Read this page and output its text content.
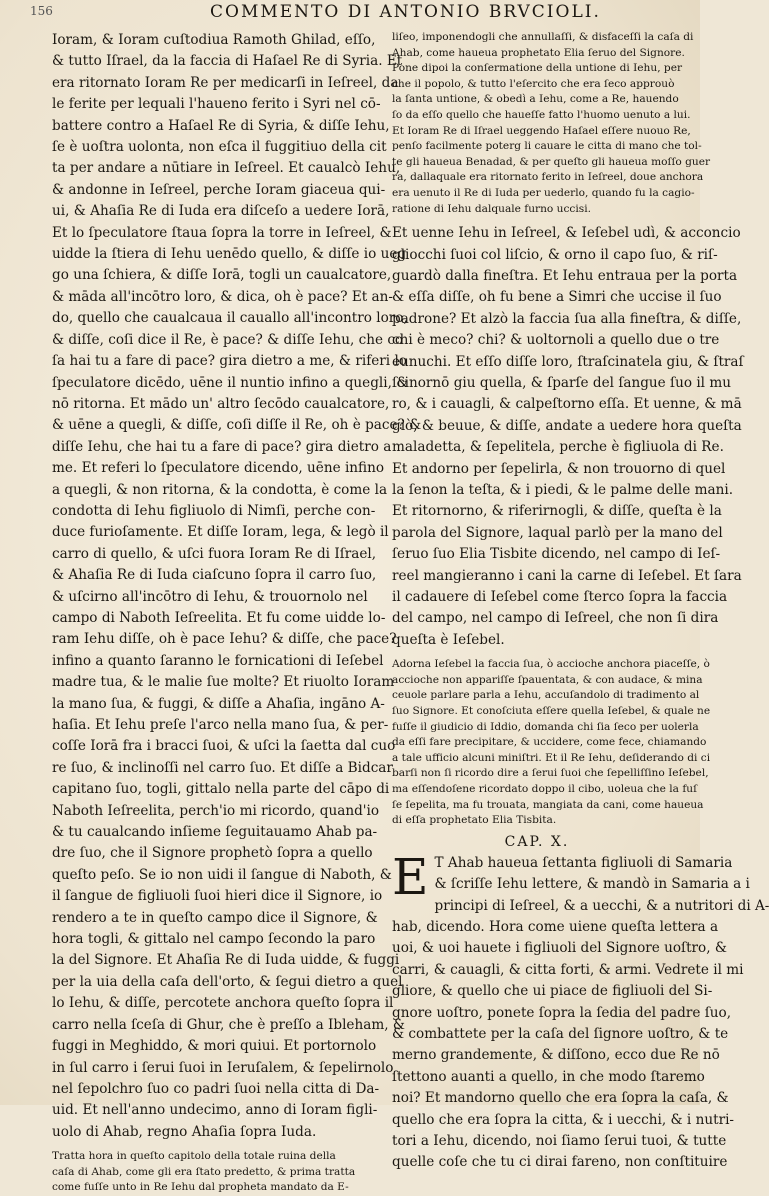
156	COMMENTO DI ANTONIO BRVCIOLI.
Ioram, & Ioram cuſtodiua Ramoth Ghilad, eſſo,
& tutto Iſrael, da la faccia di Haſael Re di Syria. Et
era ritornato Ioram Re per medicarſi in Ieſreel, da
le ferite per lequali l'haueno ferito i Syri nel cō-
battere contro a Haſael Re di Syria, & diſſe Iehu,
ſe è uoſtra uolonta, non eſca il fuggitiuo della cit
ta per andare a nūtiare in Ieſreel. Et caualcò Iehu,
& andonne in Ieſreel, perche Ioram giaceua qui-
ui, & Ahaſia Re di Iuda era diſceſo a uedere Iorā,
Et lo ſpeculatore ſtaua ſopra la torre in Ieſreel, &
uidde la ſtiera di Iehu uenēdo quello, & diſſe io ueg
go una ſchiera, & diſſe Iorā, togli un caualcatore,
& māda all'incōtro loro, & dica, oh è pace? Et an-
do, quello che caualcaua il cauallo all'incontro loro,
& diſſe, coſi dice il Re, è pace? & diſſe Iehu, che co
ſa hai tu a fare di pace? gira dietro a me, & riferi lo
ſpeculatore dicēdo, uēne il nuntio infino a quegli, &
nō ritorna. Et mādo un' altro ſecōdo caualcatore,
& uēne a quegli, & diſſe, coſi diſſe il Re, oh è pace? &
diſſe Iehu, che hai tu a fare di pace? gira dietro a
me. Et referi lo ſpeculatore dicendo, uēne infino
a quegli, & non ritorna, & la condotta, è come la
condotta di Iehu figliuolo di Nimſi, perche con-
duce furioſamente. Et diſſe Ioram, lega, & legò il
carro di quello, & uſci fuora Ioram Re di Iſrael,
& Ahaſia Re di Iuda ciaſcuno ſopra il carro ſuo,
& uſcirno all'incōtro di Iehu, & trouornolo nel
campo di Naboth Ieſreelita. Et fu come uidde lo-
ram Iehu diſſe, oh è pace Iehu? & diſſe, che pace?
infino a quanto ſaranno le fornicationi di Ieſebel
madre tua, & le malie ſue molte? Et riuolto Ioram
la mano ſua, & fuggi, & diſſe a Ahaſia, ingāno A-
haſia. Et Iehu preſe l'arco nella mano ſua, & per-
coſſe Iorā fra i bracci ſuoi, & uſci la ſaetta dal cuo
re ſuo, & inclinoſſi nel carro ſuo. Et diſſe a Bidcar
capitano ſuo, togli, gittalo nella parte del cāpo di
Naboth Ieſreelita, perch'io mi ricordo, quand'io
& tu caualcando inſieme ſeguitauamo Ahab pa-
dre ſuo, che il Signore prophetò ſopra a quello
queſto peſo. Se io non uidi il ſangue di Naboth, &
il ſangue de figliuoli ſuoi hieri dice il Signore, io
rendero a te in queſto campo dice il Signore, &
hora togli, & gittalo nel campo ſecondo la paro
la del Signore. Et Ahaſia Re di Iuda uidde, & fuggi
per la uia della caſa dell'orto, & ſegui dietro a quel
lo Iehu, & diſſe, percotete anchora queſto ſopra il
carro nella ſceſa di Ghur, che è preſſo a Ibleham, &
fuggi in Meghiddo, & mori quiui. Et portornolo
in ſul carro i ſerui ſuoi in Ieruſalem, & ſepelirnolo
nel ſepolchro ſuo co padri ſuoi nella citta di Da-
uid. Et nell'anno undecimo, anno di Ioram figli-
uolo di Ahab, regno Ahaſia ſopra Iuda.
Tratta hora in queſto capitolo della totale ruina della
caſa di Ahab, come gli era ſtato predetto, & prima tratta
come fuſſe unto in Re Iehu dal propheta mandato da E-
liſeo, imponendogli che annullaſſi, & disfaceſſi la caſa di
Ahab, come haueua prophetato Elia ſeruo del Signore.
Pone dipoi la conſermatione della untione di Iehu, per
che il popolo, & tutto l'eſercito che era ſeco approuò
la ſanta untione, & obedì a Iehu, come a Re, hauendo
ſo da eſſo quello che haueſſe fatto l'huomo uenuto a lui.
Et Ioram Re di Iſrael ueggendo Haſael eſſere nuouo Re,
penſo facilmente poterg li cauare le citta di mano che tol-
te gli haueua Benadad, & per queſto gli haueua moſſo guer
ra, dallaquale era ritornato ferito in Ieſreel, doue anchora
era uenuto il Re di Iuda per uederlo, quando fu la cagio-
ratione di Iehu dalquale furno uccisi.
Et uenne Iehu in Ieſreel, & Ieſebel udì, & acconcio
gliocchi ſuoi col liſcio, & orno il capo ſuo, & riſ-
guardò dalla fineſtra. Et Iehu entraua per la porta
& eſſa diſſe, oh fu bene a Simri che uccise il ſuo
padrone? Et alzò la faccia ſua alla fineſtra, & diſſe,
chi è meco? chi? & uoltornoli a quello due o tre
eunuchi. Et eſſo diſſe loro, ſtraſcinatela giu, & ſtraſ
ſcinornō giu quella, & ſparſe del ſangue ſuo il mu
ro, & i cauagli, & calpeſtorno eſſa. Et uenne, & mā
giò, & beuue, & diſſe, andate a uedere hora queſta
maladetta, & ſepelitela, perche è figliuola di Re.
Et andorno per ſepelirla, & non trouorno di quel
la ſenon la teſta, & i piedi, & le palme delle mani.
Et ritornorno, & riferirnogli, & diſſe, queſta è la
parola del Signore, laqual parlò per la mano del
ſeruo ſuo Elia Tisbite dicendo, nel campo di Ieſ-
reel mangieranno i cani la carne di Ieſebel. Et ſara
il cadauere di Ieſebel come ſterco ſopra la faccia
del campo, nel campo di Ieſreel, che non ſi dira
queſta è Ieſebel.
Adorna Ieſebel la faccia ſua, ò accioche anchora piaceſſe, ò
accioche non appariſſe ſpauentata, & con audace, & mina
ceuole parlare parla a Iehu, accuſandolo di tradimento al
ſuo Signore. Et conoſciuta eſſere quella Ieſebel, & quale ne
fuſſe il giudicio di Iddio, domanda chi ſia ſeco per uolerla
da eſſi fare precipitare, & uccidere, come fece, chiamando
a tale ufficio alcuni miniſtri. Et il Re Iehu, deſiderando di ci
barſi non ſi ricordo dire a ſerui ſuoi che ſepelliſſino Ieſebel,
ma eſſendoſene ricordato doppo il cibo, uoleua che la fuſ
ſe ſepelita, ma fu trouata, mangiata da cani, come haueua
di eſſa prophetato Elia Tisbita.
CAP. X.
E T Ahab haueua ſettanta figliuoli di Samaria
& ſcriſſe Iehu lettere, & mandò in Samaria a i
principi di Ieſreel, & a uecchi, & a nutritori di A-
hab, dicendo. Hora come uiene queſta lettera a
uoi, & uoi hauete i figliuoli del Signore uoſtro, &
carri, & cauagli, & citta forti, & armi. Vedrete il mi
gliore, & quello che ui piace de figliuoli del Si-
gnore uoſtro, ponete ſopra la ſedia del padre ſuo,
& combattete per la caſa del ſignore uoſtro, & te
merno grandemente, & diſſono, ecco due Re nō
ſtettono auanti a quello, in che modo ſtaremo
noi? Et mandorno quello che era ſopra la caſa, &
quello che era ſopra la citta, & i uecchi, & i nutri-
tori a Iehu, dicendo, noi ſiamo ſerui tuoi, & tutte
quelle coſe che tu ci dirai fareno, non conſtituire
